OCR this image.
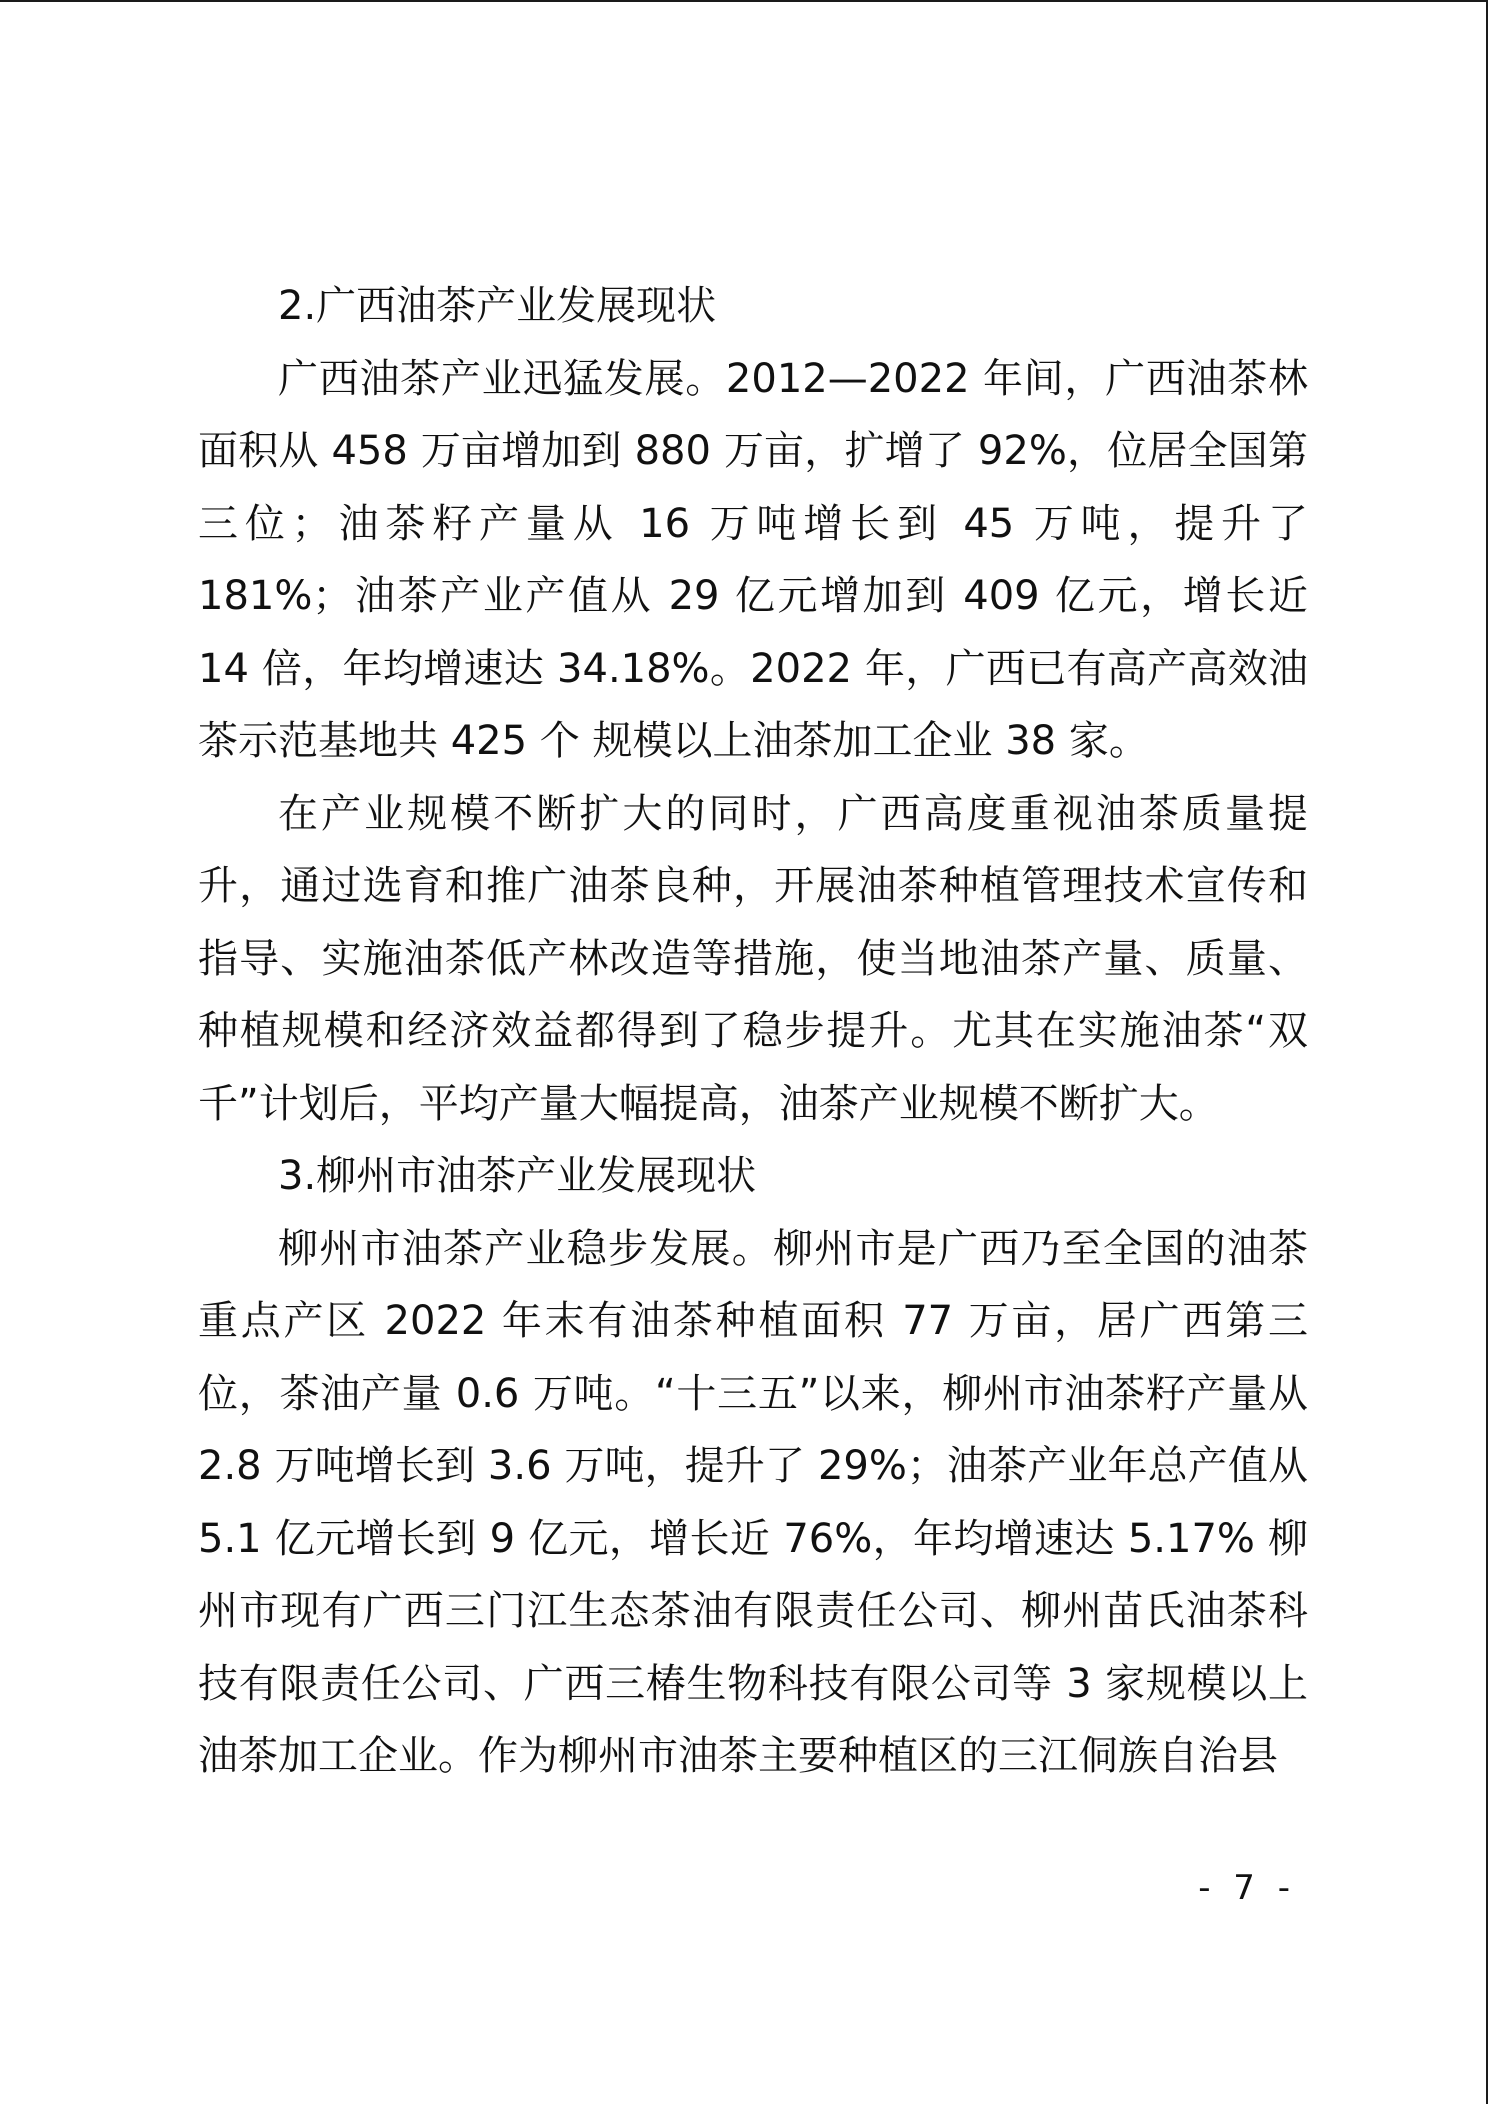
2.广西油茶产业发展现状

广西油茶产业迅猛发展。2012—2022 年间，广西油茶林面积从 458 万亩增加到 880 万亩，扩增了 92%，位居全国第三位；油茶籽产量从 16 万吨增长到 45 万吨，提升了 181%；油茶产业产值从 29 亿元增加到 409 亿元，增长近 14 倍，年均增速达 34.18%。2022 年，广西已有高产高效油茶示范基地共 425 个 规模以上油茶加工企业 38 家。

在产业规模不断扩大的同时，广西高度重视油茶质量提升，通过选育和推广油茶良种，开展油茶种植管理技术宣传和指导、实施油茶低产林改造等措施，使当地油茶产量、质量、种植规模和经济效益都得到了稳步提升。尤其在实施油茶“双千”计划后，平均产量大幅提高，油茶产业规模不断扩大。

3.柳州市油茶产业发展现状

柳州市油茶产业稳步发展。柳州市是广西乃至全国的油茶重点产区 2022 年末有油茶种植面积 77 万亩，居广西第三位，茶油产量 0.6 万吨。“十三五”以来，柳州市油茶籽产量从 2.8 万吨增长到 3.6 万吨，提升了 29%；油茶产业年总产值从 5.1 亿元增长到 9 亿元，增长近 76%，年均增速达 5.17% 柳州市现有广西三门江生态茶油有限责任公司、柳州苗氏油茶科技有限责任公司、广西三椿生物科技有限公司等 3 家规模以上油茶加工企业。作为柳州市油茶主要种植区的三江侗族自治县

- 7 -
